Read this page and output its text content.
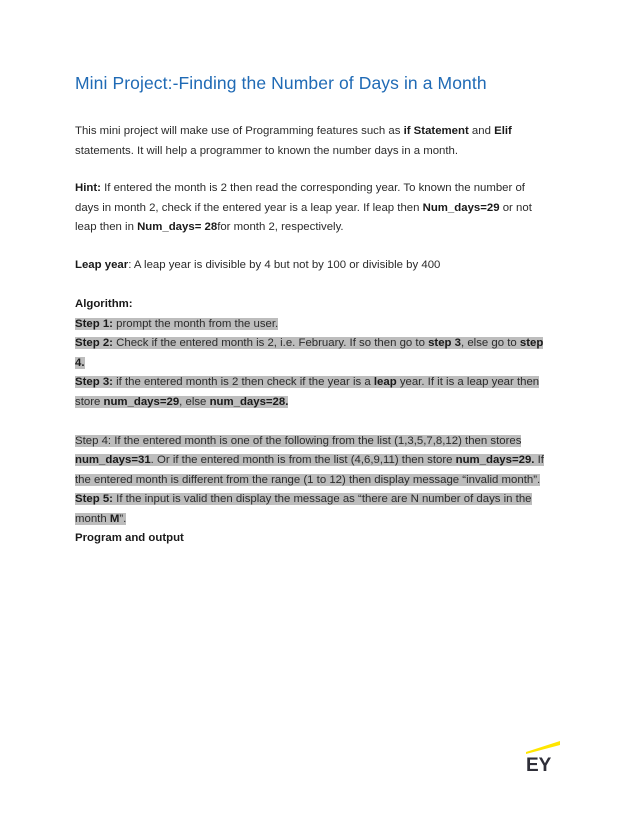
Mini Project:-Finding the Number of Days in a Month
This mini project will make use of Programming features such as if Statement and Elif
statements. It will help a programmer to known the number days in a month.
Hint: If entered the month is 2 then read the corresponding year. To known the number of
days in month 2, check if the entered year is a leap year. If leap then Num_days=29 or not
leap then in Num_days= 28for month 2, respectively.
Leap year: A leap year is divisible by 4 but not by 100 or divisible by 400
Algorithm:
Step 1: prompt the month from the user.
Step 2: Check if the entered month is 2, i.e. February. If so then go to step 3, else go to step
4.
Step 3: if the entered month is 2 then check if the year is a leap year. If it is a leap year then
store num_days=29, else num_days=28.
Step 4: If the entered month is one of the following from the list (1,3,5,7,8,12) then stores
num_days=31. Or if the entered month is from the list (4,6,9,11) then store num_days=29. If
the entered month is different from the range (1 to 12) then display message “invalid month”.
Step 5: If the input is valid then display the message as “there are N number of days in the
month M”.
Program and output
EY
